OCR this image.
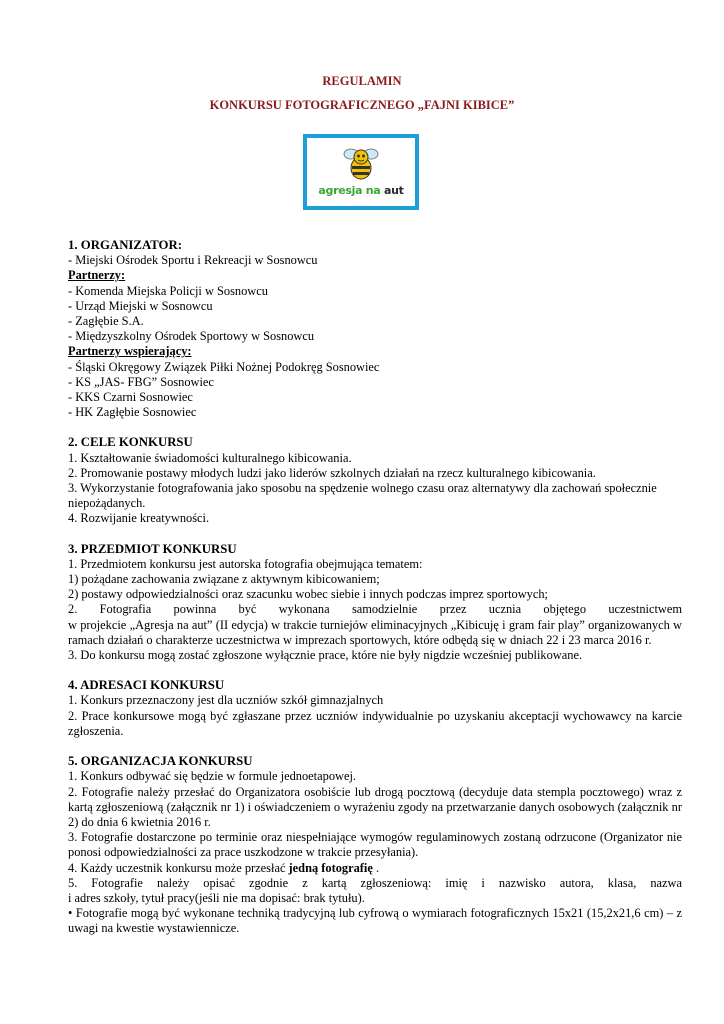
REGULAMIN
KONKURSU FOTOGRAFICZNEGO „FAJNI KIBICE”
agresja na aut

1. ORGANIZATOR:

- Miejski Ośrodek Sportu i Rekreacji w Sosnowcu

Partnerzy:

- Komenda Miejska Policji w Sosnowcu

- Urząd Miejski w Sosnowcu

- Zagłębie S.A.

- Międzyszkolny Ośrodek Sportowy w Sosnowcu

Partnerzy wspierający:

- Śląski Okręgowy Związek Piłki Nożnej Podokręg Sosnowiec

- KS „JAS- FBG” Sosnowiec

- KKS Czarni Sosnowiec

- HK Zagłębie Sosnowiec

2. CELE KONKURSU

1. Kształtowanie świadomości kulturalnego kibicowania.

2. Promowanie postawy młodych ludzi jako liderów szkolnych działań na rzecz kulturalnego kibicowania.

3. Wykorzystanie fotografowania jako sposobu na spędzenie wolnego czasu oraz alternatywy dla zachowań społecznie niepożądanych.

4. Rozwijanie kreatywności.

3. PRZEDMIOT KONKURSU

1. Przedmiotem konkursu jest autorska fotografia obejmująca tematem:

1) pożądane zachowania związane z aktywnym kibicowaniem;

2) postawy odpowiedzialności oraz szacunku wobec siebie i innych podczas imprez sportowych;

2. Fotografia powinna być wykonana samodzielnie przez ucznia objętego uczestnictwem

w projekcie „Agresja na aut” (II edycja) w trakcie turniejów eliminacyjnych „Kibicuję i gram fair play” organizowanych w ramach działań o charakterze uczestnictwa w imprezach sportowych, które odbędą się w dniach 22 i 23 marca 2016 r.

3. Do konkursu mogą zostać zgłoszone wyłącznie prace, które nie były nigdzie wcześniej publikowane.

4. ADRESACI KONKURSU

1. Konkurs przeznaczony jest dla uczniów szkół gimnazjalnych

2. Prace konkursowe mogą być zgłaszane przez uczniów indywidualnie po uzyskaniu akceptacji wychowawcy na karcie zgłoszenia.

5. ORGANIZACJA KONKURSU

1. Konkurs odbywać się będzie w formule jednoetapowej.

2. Fotografie należy przesłać do Organizatora osobiście lub drogą pocztową (decyduje data stempla pocztowego) wraz z kartą zgłoszeniową (załącznik nr 1) i oświadczeniem o wyrażeniu zgody na przetwarzanie danych osobowych (załącznik nr 2) do dnia 6 kwietnia 2016 r.

3. Fotografie dostarczone po terminie oraz niespełniające wymogów regulaminowych zostaną odrzucone (Organizator nie ponosi odpowiedzialności za prace uszkodzone w trakcie przesyłania).

4. Każdy uczestnik konkursu może przesłać jedną fotografię .

5. Fotografie należy opisać zgodnie z kartą zgłoszeniową: imię i nazwisko autora, klasa, nazwa

i adres szkoły, tytuł pracy(jeśli nie ma dopisać: brak tytułu).

• Fotografie mogą być wykonane techniką tradycyjną lub cyfrową o wymiarach fotograficznych 15x21 (15,2x21,6 cm) – z uwagi na kwestie wystawiennicze.
